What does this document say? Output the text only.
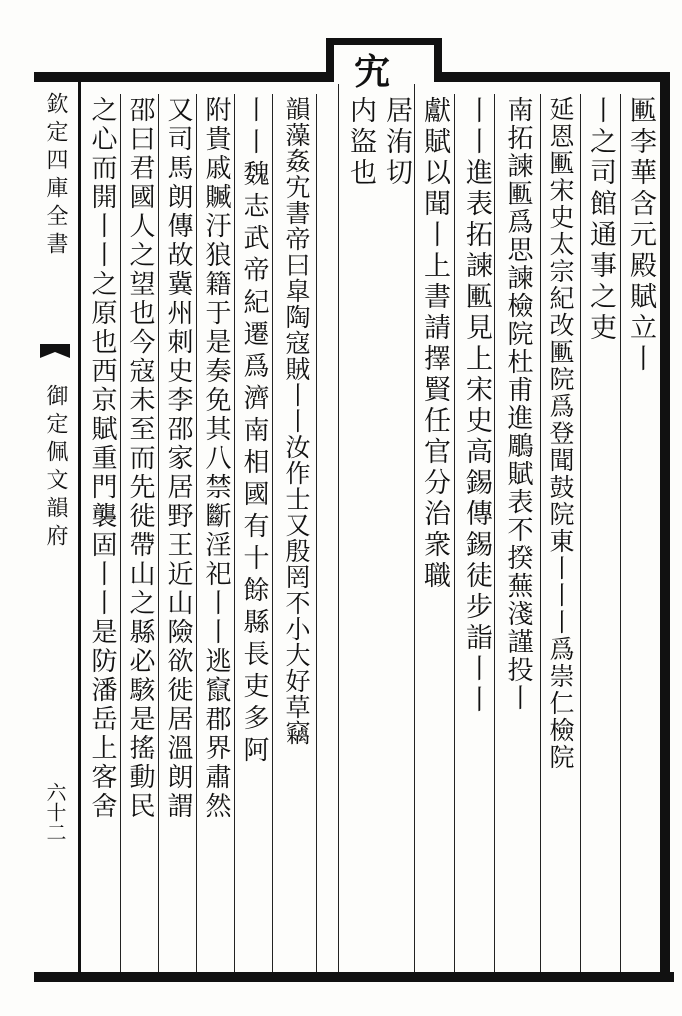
宄
居洧切
内盜也	匭李華含元殿賦立丨
丨之司館通事之吏
延恩匭宋史太宗紀改匭院爲登聞鼓院東丨丨丨爲崇仁檢院
南拓諫匭爲思諫檢院杜甫進鵰賦表不揆蕪淺謹投丨
丨丨進表拓諫匭見上宋史高錫傳錫徒步詣丨丨
獻賦以聞丨上書請擇賢任官分治衆職
欽定四庫全書
御定佩文韻府
六十二
韻藻姦宄書帝曰皐陶寇賊丨丨汝作士又殷罔不小大好草竊
丨丨魏志武帝紀遷爲濟南相國有十餘縣長吏多阿
附貴戚贓汙狼籍于是奏免其八禁斷淫祀丨丨逃竄郡界肅然
又司馬朗傳故冀州刺史李邵家居野王近山險欲徙居溫朗謂
邵曰君國人之望也今寇未至而先徙帶山之縣必駭是搖動民
之心而開丨丨之原也西京賦重門襲固丨丨是防潘岳上客舍
